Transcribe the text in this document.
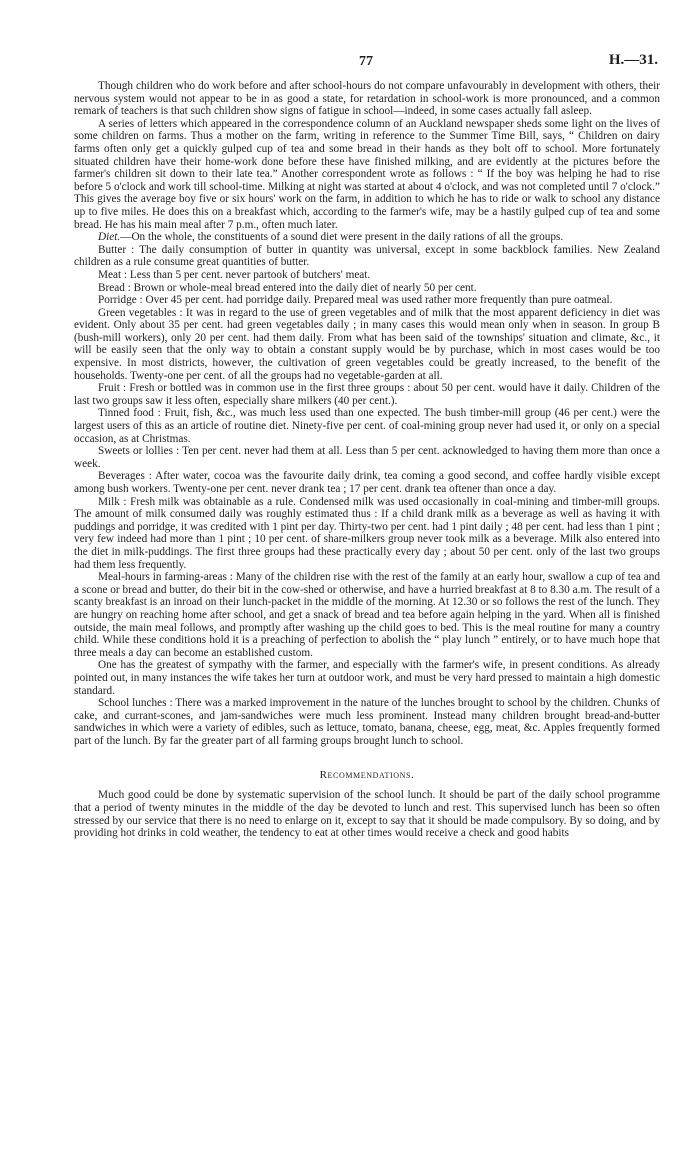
77	H.—31.

Though children who do work before and after school-hours do not compare unfavourably in development with others, their nervous system would not appear to be in as good a state, for retardation in school-work is more pronounced, and a common remark of teachers is that such children show signs of fatigue in school—indeed, in some cases actually fall asleep.

A series of letters which appeared in the correspondence column of an Auckland newspaper sheds some light on the lives of some children on farms. Thus a mother on the farm, writing in reference to the Summer Time Bill, says, “ Children on dairy farms often only get a quickly gulped cup of tea and some bread in their hands as they bolt off to school. More fortunately situated children have their home-work done before these have finished milking, and are evidently at the pictures before the farmer's children sit down to their late tea.” Another correspondent wrote as follows : “ If the boy was helping he had to rise before 5 o'clock and work till school-time. Milking at night was started at about 4 o'clock, and was not completed until 7 o'clock.” This gives the average boy five or six hours' work on the farm, in addition to which he has to ride or walk to school any distance up to five miles. He does this on a breakfast which, according to the farmer's wife, may be a hastily gulped cup of tea and some bread. He has his main meal after 7 p.m., often much later.

Diet.—On the whole, the constituents of a sound diet were present in the daily rations of all the groups.

Butter : The daily consumption of butter in quantity was universal, except in some backblock families. New Zealand children as a rule consume great quantities of butter.

Meat : Less than 5 per cent. never partook of butchers' meat.

Bread : Brown or whole-meal bread entered into the daily diet of nearly 50 per cent.

Porridge : Over 45 per cent. had porridge daily. Prepared meal was used rather more frequently than pure oatmeal.

Green vegetables : It was in regard to the use of green vegetables and of milk that the most apparent deficiency in diet was evident. Only about 35 per cent. had green vegetables daily ; in many cases this would mean only when in season. In group B (bush-mill workers), only 20 per cent. had them daily. From what has been said of the townships' situation and climate, &c., it will be easily seen that the only way to obtain a constant supply would be by purchase, which in most cases would be too expensive. In most districts, however, the cultivation of green vegetables could be greatly increased, to the benefit of the households. Twenty-one per cent. of all the groups had no vegetable-garden at all.

Fruit : Fresh or bottled was in common use in the first three groups : about 50 per cent. would have it daily. Children of the last two groups saw it less often, especially share milkers (40 per cent.).

Tinned food : Fruit, fish, &c., was much less used than one expected. The bush timber-mill group (46 per cent.) were the largest users of this as an article of routine diet. Ninety-five per cent. of coal-mining group never had used it, or only on a special occasion, as at Christmas.

Sweets or lollies : Ten per cent. never had them at all. Less than 5 per cent. acknowledged to having them more than once a week.

Beverages : After water, cocoa was the favourite daily drink, tea coming a good second, and coffee hardly visible except among bush workers. Twenty-one per cent. never drank tea ; 17 per cent. drank tea oftener than once a day.

Milk : Fresh milk was obtainable as a rule. Condensed milk was used occasionally in coal-mining and timber-mill groups. The amount of milk consumed daily was roughly estimated thus : If a child drank milk as a beverage as well as having it with puddings and porridge, it was credited with 1 pint per day. Thirty-two per cent. had 1 pint daily ; 48 per cent. had less than 1 pint ; very few indeed had more than 1 pint ; 10 per cent. of share-milkers group never took milk as a beverage. Milk also entered into the diet in milk-puddings. The first three groups had these practically every day ; about 50 per cent. only of the last two groups had them less frequently.

Meal-hours in farming-areas : Many of the children rise with the rest of the family at an early hour, swallow a cup of tea and a scone or bread and butter, do their bit in the cow-shed or otherwise, and have a hurried breakfast at 8 to 8.30 a.m. The result of a scanty breakfast is an inroad on their lunch-packet in the middle of the morning. At 12.30 or so follows the rest of the lunch. They are hungry on reaching home after school, and get a snack of bread and tea before again helping in the yard. When all is finished outside, the main meal follows, and promptly after washing up the child goes to bed. This is the meal routine for many a country child. While these conditions hold it is a preaching of perfection to abolish the “ play lunch ” entirely, or to have much hope that three meals a day can become an established custom.

One has the greatest of sympathy with the farmer, and especially with the farmer's wife, in present conditions. As already pointed out, in many instances the wife takes her turn at outdoor work, and must be very hard pressed to maintain a high domestic standard.

School lunches : There was a marked improvement in the nature of the lunches brought to school by the children. Chunks of cake, and currant-scones, and jam-sandwiches were much less prominent. Instead many children brought bread-and-butter sandwiches in which were a variety of edibles, such as lettuce, tomato, banana, cheese, egg, meat, &c. Apples frequently formed part of the lunch. By far the greater part of all farming groups brought lunch to school.

Recommendations.

Much good could be done by systematic supervision of the school lunch. It should be part of the daily school programme that a period of twenty minutes in the middle of the day be devoted to lunch and rest. This supervised lunch has been so often stressed by our service that there is no need to enlarge on it, except to say that it should be made compulsory. By so doing, and by providing hot drinks in cold weather, the tendency to eat at other times would receive a check and good habits
